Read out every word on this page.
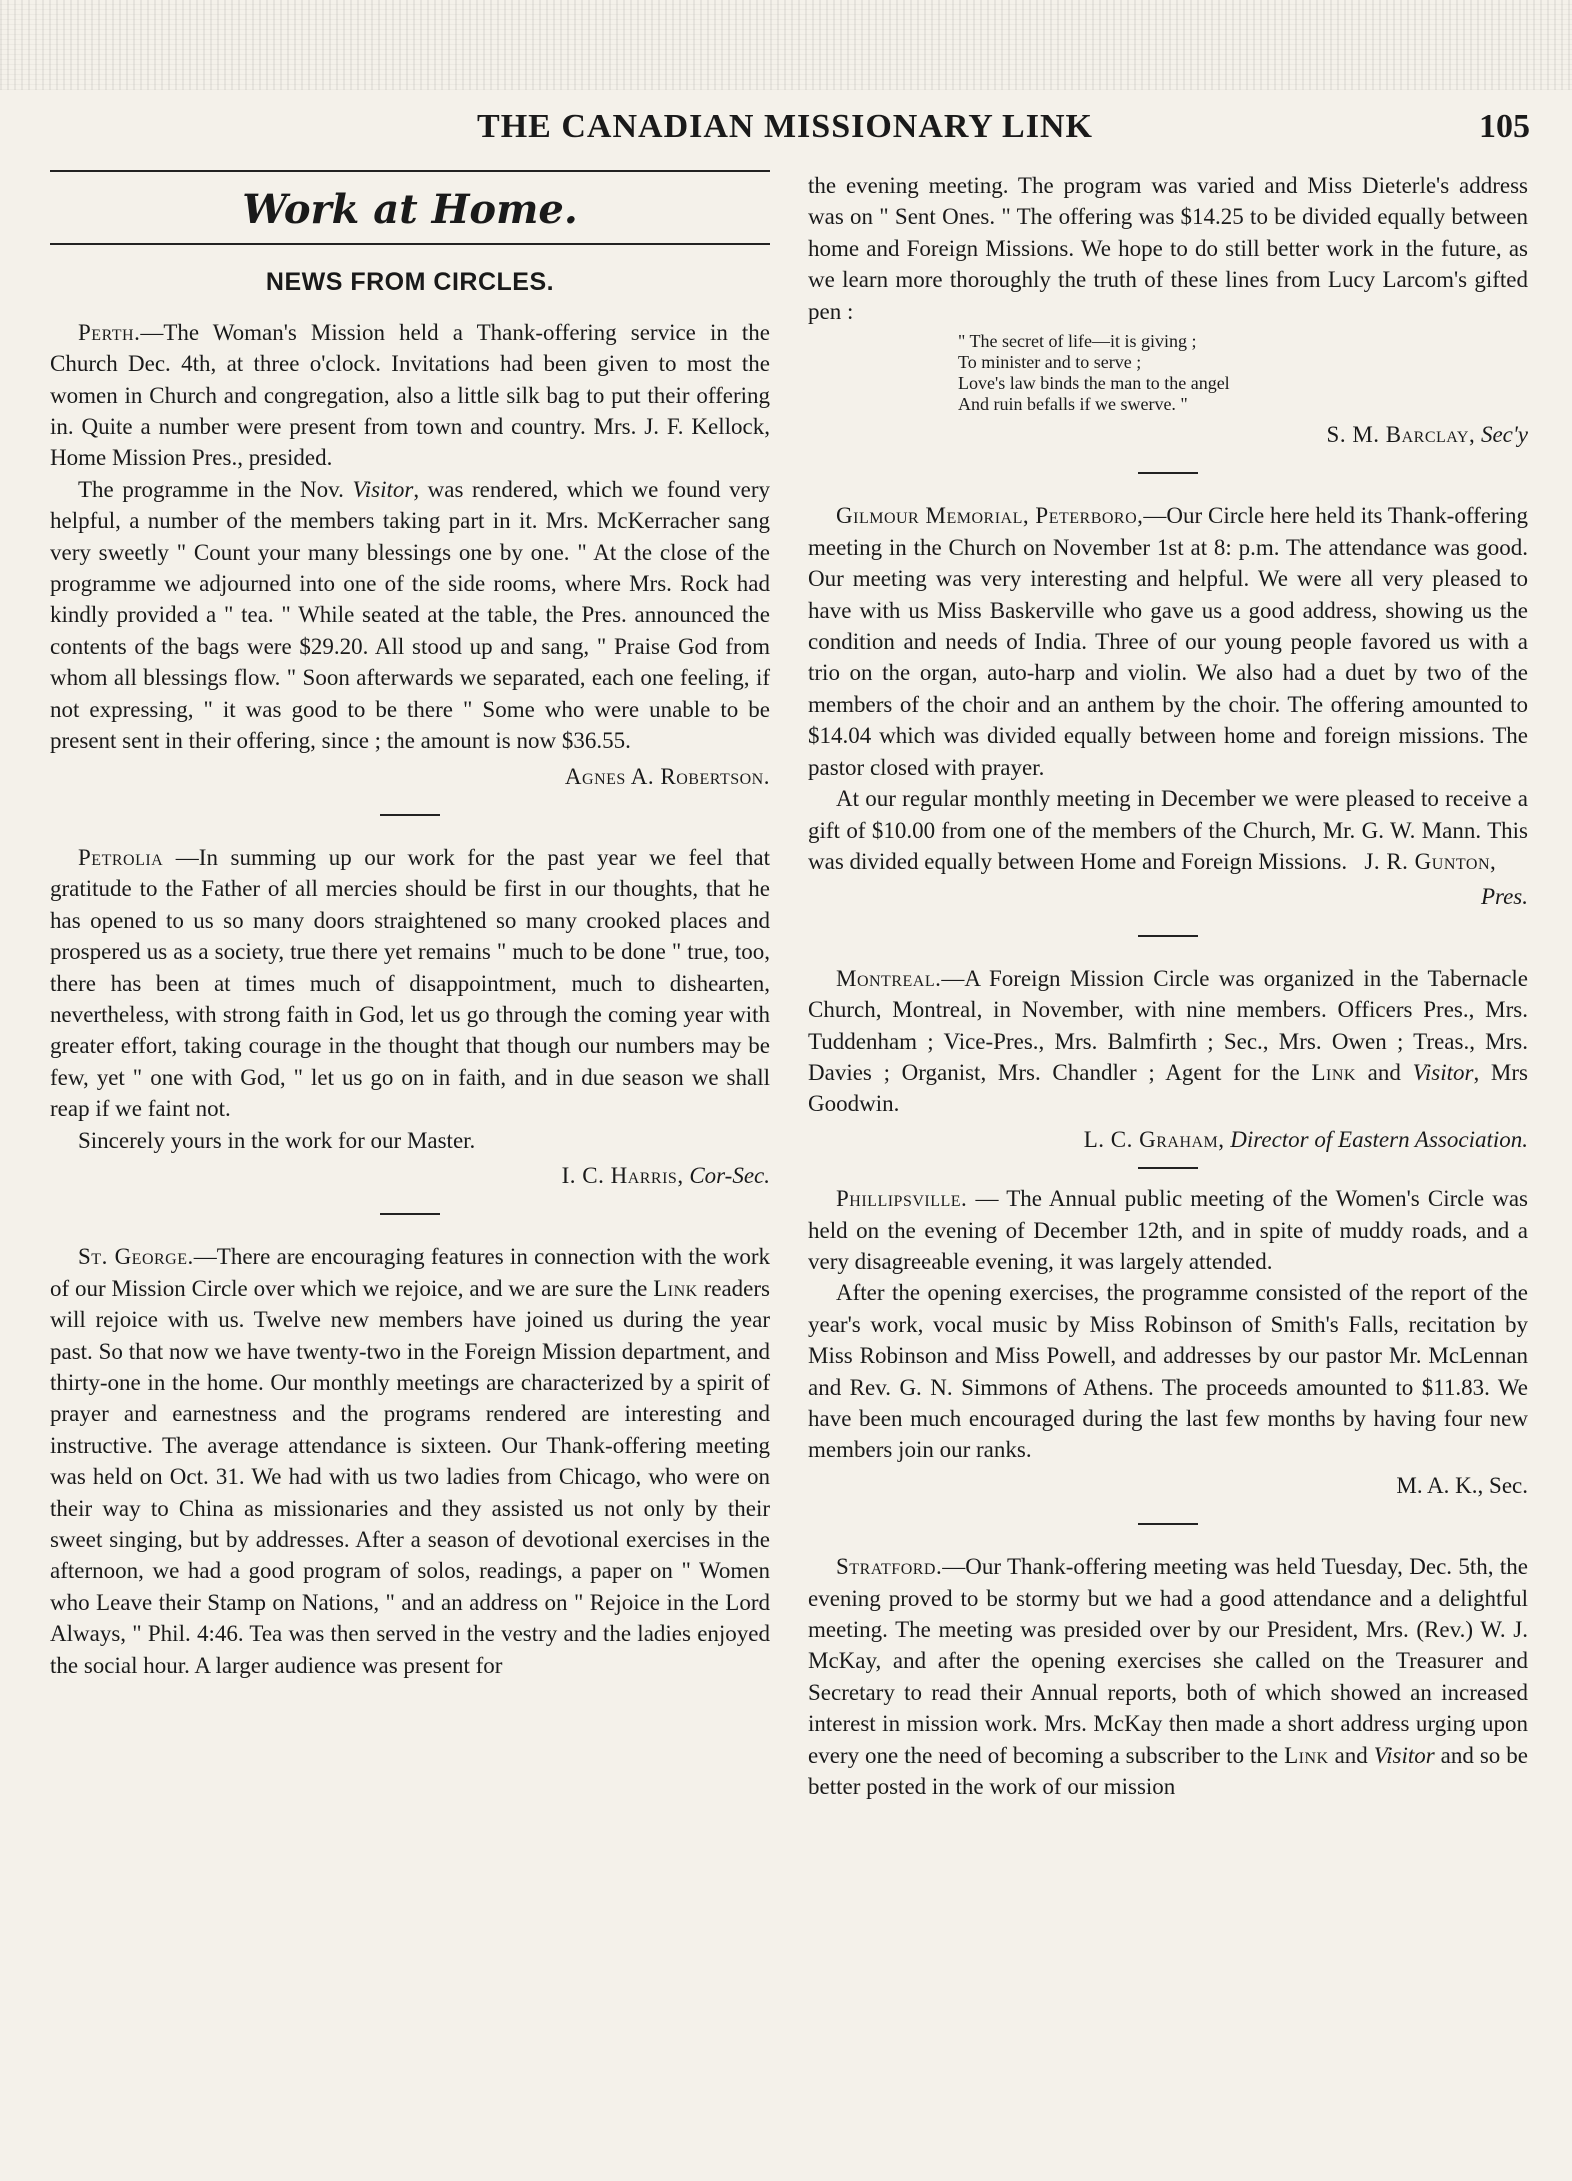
THE CANADIAN MISSIONARY LINK	105
Work at Home.
NEWS FROM CIRCLES.

Perth.—The Woman's Mission held a Thank-offering service in the Church Dec. 4th, at three o'clock. Invitations had been given to most the women in Church and congregation, also a little silk bag to put their offering in. Quite a number were present from town and country. Mrs. J. F. Kellock, Home Mission Pres., presided.

The programme in the Nov. Visitor, was rendered, which we found very helpful, a number of the members taking part in it. Mrs. McKerracher sang very sweetly " Count your many blessings one by one. " At the close of the programme we adjourned into one of the side rooms, where Mrs. Rock had kindly provided a " tea. " While seated at the table, the Pres. announced the contents of the bags were $29.20. All stood up and sang, " Praise God from whom all blessings flow. " Soon afterwards we separated, each one feeling, if not expressing, " it was good to be there " Some who were unable to be present sent in their offering, since ; the amount is now $36.55.

Agnes A. Robertson.

Petrolia —In summing up our work for the past year we feel that gratitude to the Father of all mercies should be first in our thoughts, that he has opened to us so many doors straightened so many crooked places and prospered us as a society, true there yet remains " much to be done " true, too, there has been at times much of disappointment, much to dishearten, nevertheless, with strong faith in God, let us go through the coming year with greater effort, taking courage in the thought that though our numbers may be few, yet " one with God, " let us go on in faith, and in due season we shall reap if we faint not.

Sincerely yours in the work for our Master.

I. C. Harris, Cor-Sec.

St. George.—There are encouraging features in connection with the work of our Mission Circle over which we rejoice, and we are sure the Link readers will rejoice with us. Twelve new members have joined us during the year past. So that now we have twenty-two in the Foreign Mission department, and thirty-one in the home. Our monthly meetings are characterized by a spirit of prayer and earnestness and the programs rendered are interesting and instructive. The average attendance is sixteen. Our Thank-offering meeting was held on Oct. 31. We had with us two ladies from Chicago, who were on their way to China as missionaries and they assisted us not only by their sweet singing, but by addresses. After a season of devotional exercises in the afternoon, we had a good program of solos, readings, a paper on " Women who Leave their Stamp on Nations, " and an address on " Rejoice in the Lord Always, " Phil. 4:46. Tea was then served in the vestry and the ladies enjoyed the social hour. A larger audience was present for

the evening meeting. The program was varied and Miss Dieterle's address was on " Sent Ones. " The offering was $14.25 to be divided equally between home and Foreign Missions. We hope to do still better work in the future, as we learn more thoroughly the truth of these lines from Lucy Larcom's gifted pen :

" The secret of life—it is giving ;
To minister and to serve ;
Love's law binds the man to the angel
And ruin befalls if we swerve. "

S. M. Barclay, Sec'y

Gilmour Memorial, Peterboro,—Our Circle here held its Thank-offering meeting in the Church on November 1st at 8: p.m. The attendance was good. Our meeting was very interesting and helpful. We were all very pleased to have with us Miss Baskerville who gave us a good address, showing us the condition and needs of India. Three of our young people favored us with a trio on the organ, auto-harp and violin. We also had a duet by two of the members of the choir and an anthem by the choir. The offering amounted to $14.04 which was divided equally between home and foreign missions. The pastor closed with prayer.

At our regular monthly meeting in December we were pleased to receive a gift of $10.00 from one of the members of the Church, Mr. G. W. Mann. This was divided equally between Home and Foreign Missions. J. R. Gunton,

Pres.

Montreal.—A Foreign Mission Circle was organized in the Tabernacle Church, Montreal, in November, with nine members. Officers Pres., Mrs. Tuddenham ; Vice-Pres., Mrs. Balmfirth ; Sec., Mrs. Owen ; Treas., Mrs. Davies ; Organist, Mrs. Chandler ; Agent for the Link and Visitor, Mrs Goodwin.

L. C. Graham, Director of Eastern Association.

Phillipsville. — The Annual public meeting of the Women's Circle was held on the evening of December 12th, and in spite of muddy roads, and a very disagreeable evening, it was largely attended.

After the opening exercises, the programme consisted of the report of the year's work, vocal music by Miss Robinson of Smith's Falls, recitation by Miss Robinson and Miss Powell, and addresses by our pastor Mr. McLennan and Rev. G. N. Simmons of Athens. The proceeds amounted to $11.83. We have been much encouraged during the last few months by having four new members join our ranks.

M. A. K., Sec.

Stratford.—Our Thank-offering meeting was held Tuesday, Dec. 5th, the evening proved to be stormy but we had a good attendance and a delightful meeting. The meeting was presided over by our President, Mrs. (Rev.) W. J. McKay, and after the opening exercises she called on the Treasurer and Secretary to read their Annual reports, both of which showed an increased interest in mission work. Mrs. McKay then made a short address urging upon every one the need of becoming a subscriber to the Link and Visitor and so be better posted in the work of our mission
